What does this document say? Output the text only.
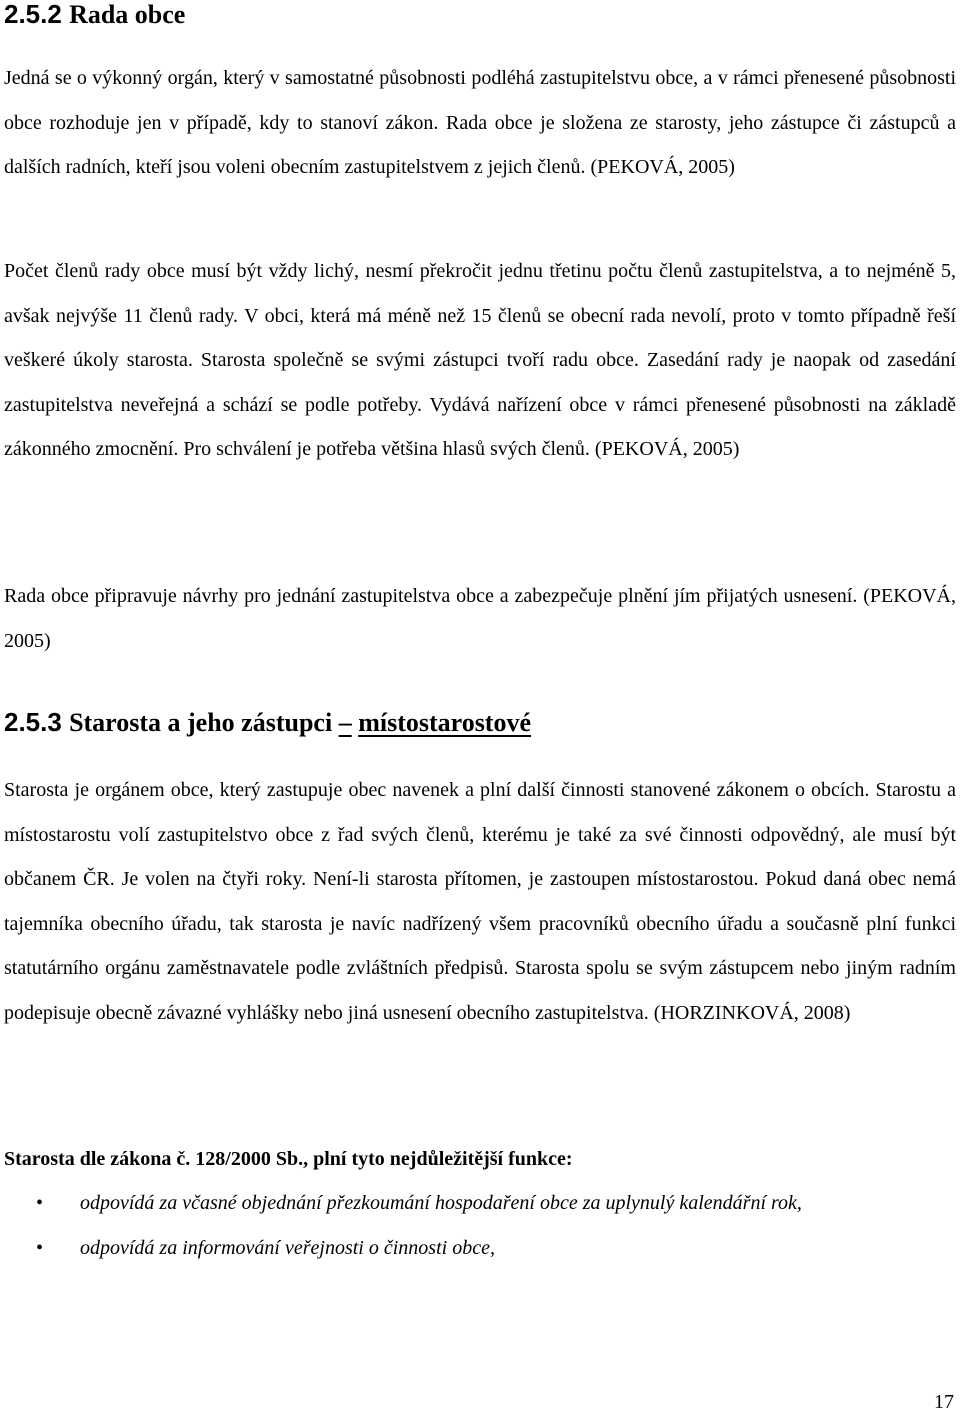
2.5.2 Rada obce

Jedná se o výkonný orgán, který v samostatné působnosti podléhá zastupitelstvu obce, a v rámci přenesené působnosti obce rozhoduje jen v případě, kdy to stanoví zákon. Rada obce je složena ze starosty, jeho zástupce či zástupců a dalších radních, kteří jsou voleni obecním zastupitelstvem z jejich členů. (PEKOVÁ, 2005)

Počet členů rady obce musí být vždy lichý, nesmí překročit jednu třetinu počtu členů zastupitelstva, a to nejméně 5, avšak nejvýše 11 členů rady. V obci, která má méně než 15 členů se obecní rada nevolí, proto v tomto případně řeší veškeré úkoly starosta. Starosta společně se svými zástupci tvoří radu obce. Zasedání rady je naopak od zasedání zastupitelstva neveřejná a schází se podle potřeby. Vydává nařízení obce v rámci přenesené působnosti na základě zákonného zmocnění. Pro schválení je potřeba většina hlasů svých členů. (PEKOVÁ, 2005)

Rada obce připravuje návrhy pro jednání zastupitelstva obce a zabezpečuje plnění jím přijatých usnesení. (PEKOVÁ, 2005)

2.5.3 Starosta a jeho zástupci – místostarostové

Starosta je orgánem obce, který zastupuje obec navenek a plní další činnosti stanovené zákonem o obcích. Starostu a místostarostu volí zastupitelstvo obce z řad svých členů, kterému je také za své činnosti odpovědný, ale musí být občanem ČR. Je volen na čtyři roky. Není-li starosta přítomen, je zastoupen místostarostou. Pokud daná obec nemá tajemníka obecního úřadu, tak starosta je navíc nadřízený všem pracovníků obecního úřadu a současně plní funkci statutárního orgánu zaměstnavatele podle zvláštních předpisů. Starosta spolu se svým zástupcem nebo jiným radním podepisuje obecně závazné vyhlášky nebo jiná usnesení obecního zastupitelstva. (HORZINKOVÁ, 2008)

Starosta dle zákona č. 128/2000 Sb., plní tyto nejdůležitější funkce:

• odpovídá za včasné objednání přezkoumání hospodaření obce za uplynulý kalendářní rok,
• odpovídá za informování veřejnosti o činnosti obce,
17
